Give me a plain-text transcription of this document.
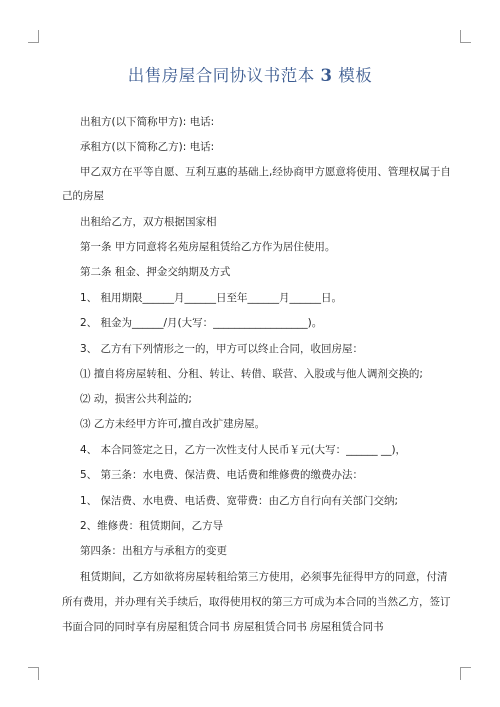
出售房屋合同协议书范本 3 模板
出租方(以下简称甲方): 电话:
承租方(以下简称乙方): 电话:
甲乙双方在平等自愿、互利互惠的基础上,经协商甲方愿意将使用、管理权属于自
己的房屋
出租给乙方，双方根据国家相
第一条 甲方同意将名苑房屋租赁给乙方作为居住使用。
第二条 租金、押金交纳期及方式
1、 租用期限______月______日至年______月______日。
2、 租金为______/月(大写：__________________)。
3、 乙方有下列情形之一的，甲方可以终止合同，收回房屋：
⑴ 擅自将房屋转租、分租、转让、转借、联营、入股或与他人调剂交换的;
⑵ 动，损害公共利益的;
⑶ 乙方未经甲方许可,擅自改扩建房屋。
4、 本合同签定之日，乙方一次性支付人民币￥元(大写：______ __)，
5、 第三条：水电费、保洁费、电话费和维修费的缴费办法：
1、 保洁费、水电费、电话费、宽带费：由乙方自行向有关部门交纳;
2、维修费：租赁期间，乙方导
第四条：出租方与承租方的变更
租赁期间，乙方如欲将房屋转租给第三方使用，必须事先征得甲方的同意，付清
所有费用，并办理有关手续后，取得使用权的第三方可成为本合同的当然乙方，签订
书面合同的同时享有房屋租赁合同书 房屋租赁合同书 房屋租赁合同书
